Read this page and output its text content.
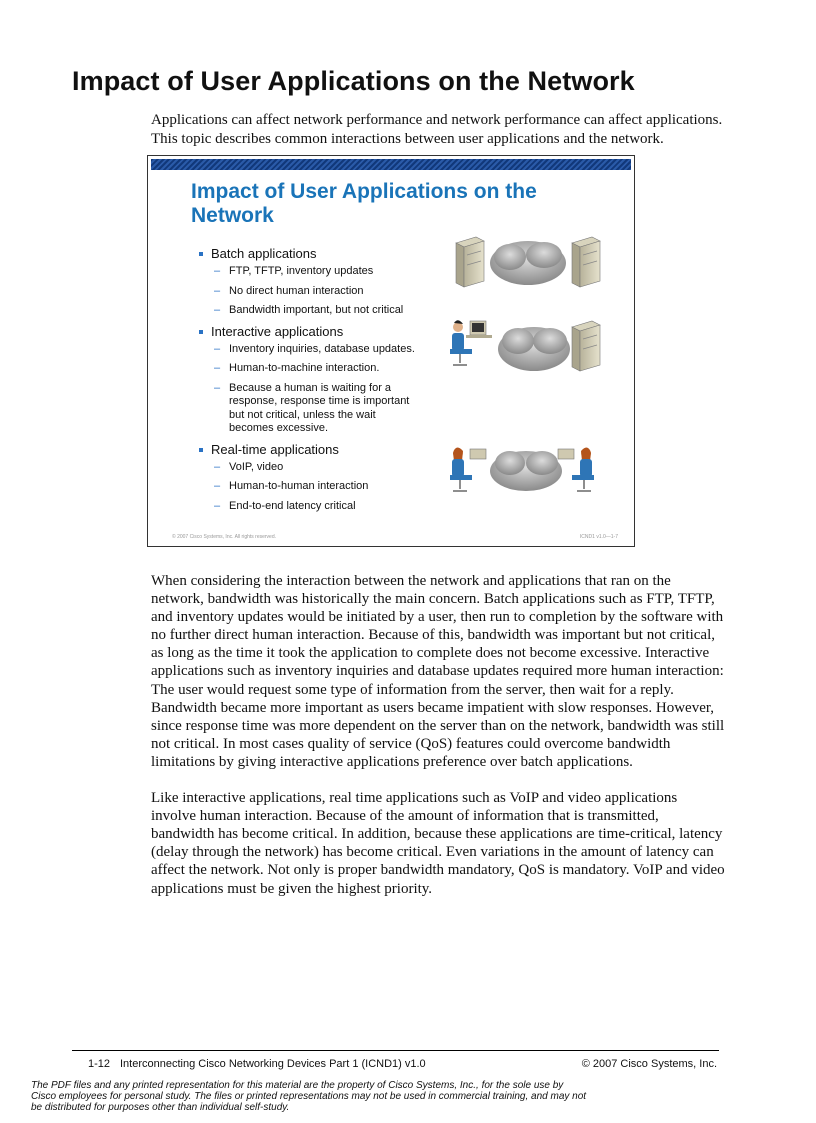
Impact of User Applications on the Network

Applications can affect network performance and network performance can affect applications. This topic describes common interactions between user applications and the network.

Impact of User Applications on the Network
Batch applications
– FTP, TFTP, inventory updates
– No direct human interaction
– Bandwidth important, but not critical
Interactive applications
– Inventory inquiries, database updates.
– Human-to-machine interaction.
– Because a human is waiting for a response, response time is important but not critical, unless the wait becomes excessive.
Real-time applications
– VoIP, video
– Human-to-human interaction
– End-to-end latency critical
© 2007 Cisco Systems, Inc. All rights reserved.	ICND1 v1.0—1-7

When considering the interaction between the network and applications that ran on the network, bandwidth was historically the main concern. Batch applications such as FTP, TFTP, and inventory updates would be initiated by a user, then run to completion by the software with no further direct human interaction. Because of this, bandwidth was important but not critical, as long as the time it took the application to complete does not become excessive. Interactive applications such as inventory inquiries and database updates required more human interaction: The user would request some type of information from the server, then wait for a reply. Bandwidth became more important as users became impatient with slow responses. However, since response time was more dependent on the server than on the network, bandwidth was still not critical. In most cases quality of service (QoS) features could overcome bandwidth limitations by giving interactive applications preference over batch applications.

Like interactive applications, real time applications such as VoIP and video applications involve human interaction. Because of the amount of information that is transmitted, bandwidth has become critical. In addition, because these applications are time-critical, latency (delay through the network) has become critical. Even variations in the amount of latency can affect the network. Not only is proper bandwidth mandatory, QoS is mandatory. VoIP and video applications must be given the highest priority.

1-12 Interconnecting Cisco Networking Devices Part 1 (ICND1) v1.0	© 2007 Cisco Systems, Inc.
The PDF files and any printed representation for this material are the property of Cisco Systems, Inc., for the sole use by Cisco employees for personal study. The files or printed representations may not be used in commercial training, and may not be distributed for purposes other than individual self-study.
